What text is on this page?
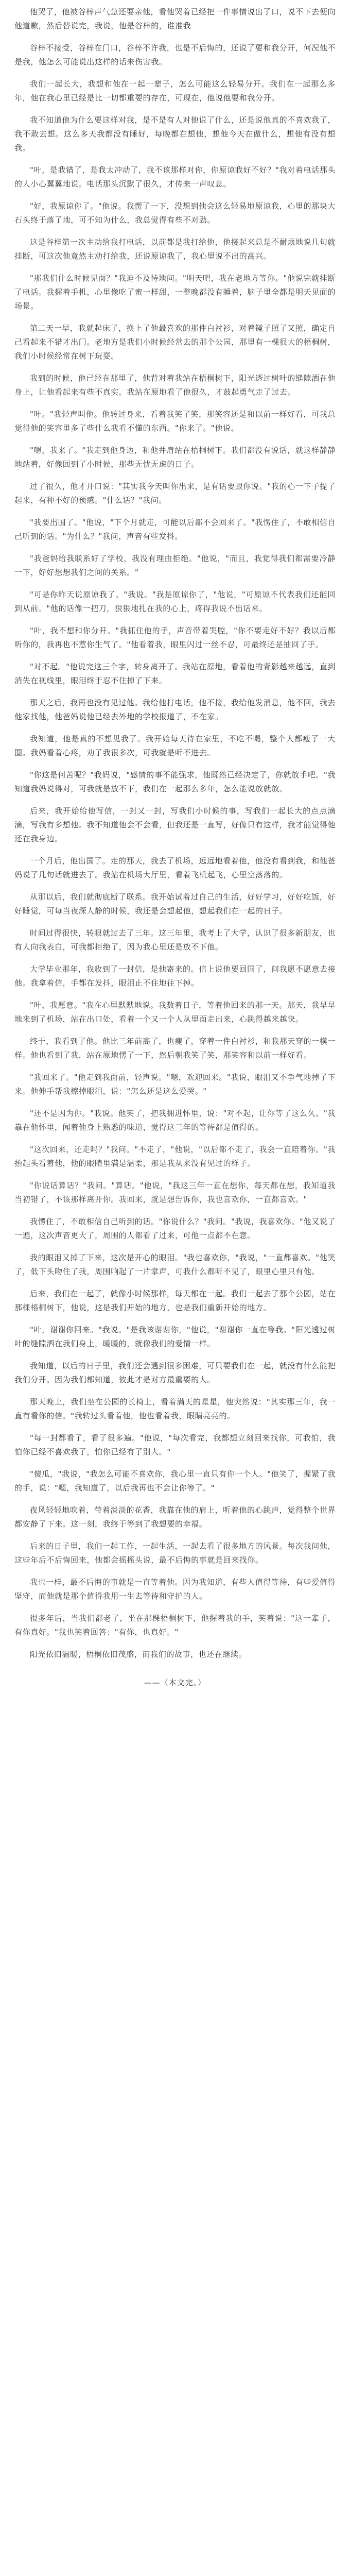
他哭了，他被谷梓声气急还要亲他，看他哭着已经把一件事情说出了口，说不下去便向他道歉，然后替说完，我说，他是谷梓的，谁准我

谷梓不接受，谷梓在门口，谷梓不许我，也是不后悔的，还说了要和我分开，何况他不是我，他怎么可能说出这样的话来伤害我。

我们一起长大，我想和他在一起一辈子，怎么可能这么轻易分开。我们在一起那么多年，他在我心里已经是比一切都重要的存在，可现在，他说他要和我分开。

我不知道他为什么要这样对我，是不是有人对他说了什么，还是说他真的不喜欢我了，我不敢去想。这么多天我都没有睡好，每晚都在想他，想他今天在做什么，想他有没有想我。

"叶，是我错了，是我太冲动了，我不该那样对你，你原谅我好不好？"我对着电话那头的人小心翼翼地说。电话那头沉默了很久，才传来一声叹息。

"好，我原谅你了。"他说。我愣了一下，没想到他会这么轻易地原谅我，心里的那块大石头终于落了地，可不知为什么，我总觉得有些不对劲。

这是谷梓第一次主动给我打电话，以前都是我打给他，他接起来总是不耐烦地说几句就挂断，可这次他竟然主动打给我，还说原谅我了，我心里说不出的高兴。

"那我们什么时候见面？"我迫不及待地问。"明天吧，我在老地方等你。"他说完就挂断了电话。我握着手机，心里像吃了蜜一样甜，一整晚都没有睡着，脑子里全都是明天见面的场景。

第二天一早，我就起床了，换上了他最喜欢的那件白衬衫，对着镜子照了又照，确定自己看起来不错才出门。老地方是我们小时候经常去的那个公园，那里有一棵很大的梧桐树，我们小时候经常在树下玩耍。

我到的时候，他已经在那里了，他背对着我站在梧桐树下，阳光透过树叶的缝隙洒在他身上，让他看起来有些不真实。我站在原地看了他很久，才鼓起勇气走了过去。

"叶。"我轻声叫他。他转过身来，看着我笑了笑，那笑容还是和以前一样好看，可我总觉得他的笑容里多了些什么我看不懂的东西。"你来了。"他说。

"嗯，我来了。"我走到他身边，和他并肩站在梧桐树下。我们都没有说话，就这样静静地站着，好像回到了小时候，那些无忧无虑的日子。

过了很久，他才开口说："其实我今天叫你出来，是有话要跟你说。"我的心一下子提了起来，有种不好的预感。"什么话？"我问。

"我要出国了。"他说，"下个月就走，可能以后都不会回来了。"我愣住了，不敢相信自己听到的话。"为什么？"我问，声音有些发抖。

"我爸妈给我联系好了学校，我没有理由拒绝。"他说，"而且，我觉得我们都需要冷静一下，好好想想我们之间的关系。"

"可是你昨天说原谅我了。"我说。"我是原谅你了，"他说，"可原谅不代表我们还能回到从前。"他的话像一把刀，狠狠地扎在我的心上，疼得我说不出话来。

"叶，我不想和你分开。"我抓住他的手，声音带着哭腔，"你不要走好不好？我以后都听你的，我再也不惹你生气了。"他看着我，眼里闪过一丝不忍，可最终还是抽回了手。

"对不起。"他说完这三个字，转身离开了。我站在原地，看着他的背影越来越远，直到消失在视线里，眼泪终于忍不住掉了下来。

那天之后，我再也没有见过他。我给他打电话，他不接，我给他发消息，他不回，我去他家找他，他爸妈说他已经去外地的学校报道了，不在家。

我知道，他是真的不想见我了。我开始每天待在家里，不吃不喝，整个人都瘦了一大圈。我妈看着心疼，劝了我很多次，可我就是听不进去。

"你这是何苦呢？"我妈说，"感情的事不能强求，他既然已经决定了，你就放手吧。"我知道我妈说得对，可我就是放不下，我们在一起那么多年，怎么能说放就放。

后来，我开始给他写信，一封又一封，写我们小时候的事，写我们一起长大的点点滴滴，写我有多想他。我不知道他会不会看，但我还是一直写，好像只有这样，我才能觉得他还在我身边。

一个月后，他出国了。走的那天，我去了机场，远远地看着他，他没有看到我，和他爸妈说了几句话就进去了。我站在机场大厅里，看着飞机起飞，心里空落落的。

从那以后，我们就彻底断了联系。我开始试着过自己的生活，好好学习，好好吃饭，好好睡觉，可每当夜深人静的时候，我还是会想起他，想起我们在一起的日子。

时间过得很快，转眼就过去了三年。这三年里，我考上了大学，认识了很多新朋友，也有人向我表白，可我都拒绝了，因为我心里还是放不下他。

大学毕业那年，我收到了一封信，是他寄来的。信上说他要回国了，问我愿不愿意去接他。我拿着信，手都在发抖，眼泪止不住地往下掉。

"叶，我愿意。"我在心里默默地说。我数着日子，等着他回来的那一天。那天，我早早地来到了机场，站在出口处，看着一个又一个人从里面走出来，心跳得越来越快。

终于，我看到了他。他比三年前高了，也瘦了，穿着一件白衬衫，和我那天穿的一模一样。他也看到了我，站在原地愣了一下，然后朝我笑了笑，那笑容和以前一样好看。

"我回来了。"他走到我面前，轻声说。"嗯，欢迎回来。"我说，眼泪又不争气地掉了下来。他伸手帮我擦掉眼泪，说："怎么还是这么爱哭。"

"还不是因为你。"我说。他笑了，把我拥进怀里，说："对不起，让你等了这么久。"我靠在他怀里，闻着他身上熟悉的味道，觉得这三年的等待都是值得的。

"这次回来，还走吗？"我问。"不走了，"他说，"以后都不走了，我会一直陪着你。"我抬起头看着他，他的眼睛里满是温柔，那是我从来没有见过的样子。

"你说话算话？"我问。"算话。"他说，"我这三年一直在想你，每天都在想，我知道我当初错了，不该那样离开你。我回来，就是想告诉你，我也喜欢你，一直都喜欢。"

我愣住了，不敢相信自己听到的话。"你说什么？"我问。"我说，我喜欢你。"他又说了一遍，这次声音更大了，周围的人都看了过来，可他一点都不在意。

我的眼泪又掉了下来，这次是开心的眼泪。"我也喜欢你，"我说，"一直都喜欢。"他笑了，低下头吻住了我，周围响起了一片掌声，可我什么都听不见了，眼里心里只有他。

后来，我们在一起了，就像小时候那样，每天都在一起。我们一起去了那个公园，站在那棵梧桐树下，他说，这是我们开始的地方，也是我们重新开始的地方。

"叶，谢谢你回来。"我说。"是我该谢谢你，"他说，"谢谢你一直在等我。"阳光透过树叶的缝隙洒在我们身上，暖暖的，就像我们的爱情一样。

我知道，以后的日子里，我们还会遇到很多困难，可只要我们在一起，就没有什么能把我们分开。因为我们都知道，彼此才是对方最重要的人。

那天晚上，我们坐在公园的长椅上，看着满天的星星，他突然说："其实那三年，我一直有看你的信。"我转过头看着他，他也看着我，眼睛亮亮的。

"每一封都看了，看了很多遍。"他说，"每次看完，我都想立刻回来找你，可我怕，我怕你已经不喜欢我了，怕你已经有了别人。"

"傻瓜，"我说，"我怎么可能不喜欢你，我心里一直只有你一个人。"他笑了，握紧了我的手，说："嗯，我知道了，以后我再也不会让你等了。"

夜风轻轻地吹着，带着淡淡的花香，我靠在他的肩上，听着他的心跳声，觉得整个世界都安静了下来。这一刻，我终于等到了我想要的幸福。

后来的日子里，我们一起工作，一起生活，一起去看了很多地方的风景。每次我问他，这些年后不后悔回来，他都会摇摇头说，最不后悔的事就是回来找你。

我也一样，最不后悔的事就是一直等着他。因为我知道，有些人值得等待，有些爱值得坚守，而他就是那个值得我用一生去等待和守护的人。

很多年后，当我们都老了，坐在那棵梧桐树下，他握着我的手，笑着说："这一辈子，有你真好。"我也笑着回答："有你，也真好。"

阳光依旧温暖，梧桐依旧茂盛，而我们的故事，也还在继续。

——（本文完。）
